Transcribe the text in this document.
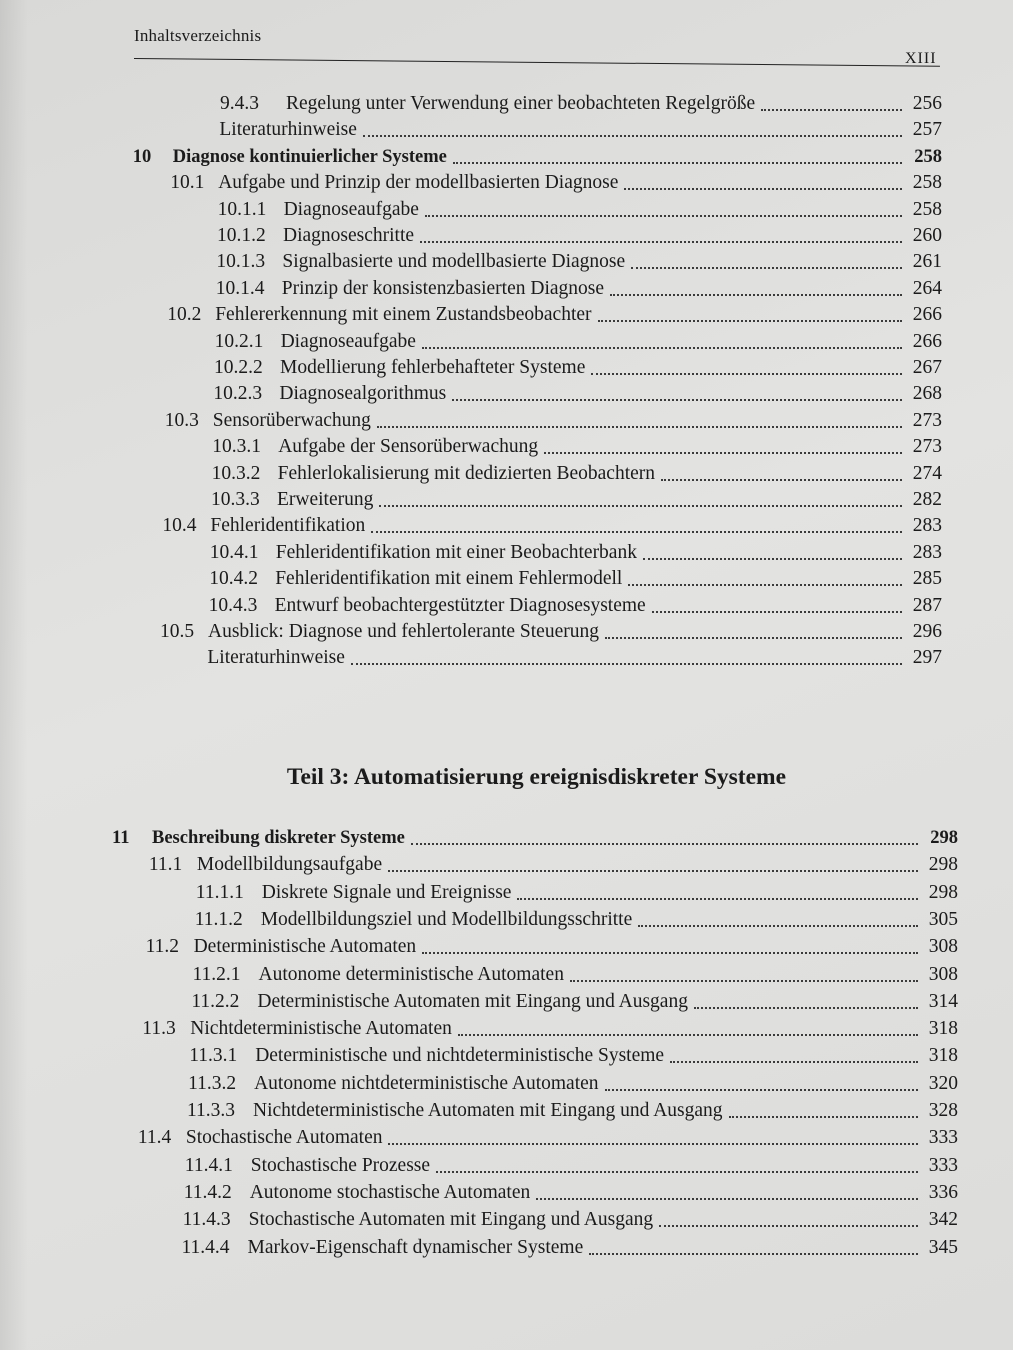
Inhaltsverzeichnis
XIII
9.4.3	Regelung unter Verwendung einer beobachteten Regelgröße	256
Literaturhinweise	257
10	Diagnose kontinuierlicher Systeme	258
10.1 Aufgabe und Prinzip der modellbasierten Diagnose	258
10.1.1 Diagnoseaufgabe	258
10.1.2 Diagnoseschritte	260
10.1.3 Signalbasierte und modellbasierte Diagnose	261
10.1.4 Prinzip der konsistenzbasierten Diagnose	264
10.2 Fehlererkennung mit einem Zustandsbeobachter	266
10.2.1 Diagnoseaufgabe	266
10.2.2 Modellierung fehlerbehafteter Systeme	267
10.2.3 Diagnosealgorithmus	268
10.3 Sensorüberwachung	273
10.3.1 Aufgabe der Sensorüberwachung	273
10.3.2 Fehlerlokalisierung mit dedizierten Beobachtern	274
10.3.3 Erweiterung	282
10.4 Fehleridentifikation	283
10.4.1 Fehleridentifikation mit einer Beobachterbank	283
10.4.2 Fehleridentifikation mit einem Fehlermodell	285
10.4.3 Entwurf beobachtergestützter Diagnosesysteme	287
10.5 Ausblick: Diagnose und fehlertolerante Steuerung	296
Literaturhinweise	297
Teil 3: Automatisierung ereignisdiskreter Systeme
11	Beschreibung diskreter Systeme	298
11.1 Modellbildungsaufgabe	298
11.1.1 Diskrete Signale und Ereignisse	298
11.1.2 Modellbildungsziel und Modellbildungsschritte	305
11.2 Deterministische Automaten	308
11.2.1 Autonome deterministische Automaten	308
11.2.2 Deterministische Automaten mit Eingang und Ausgang	314
11.3 Nichtdeterministische Automaten	318
11.3.1 Deterministische und nichtdeterministische Systeme	318
11.3.2 Autonome nichtdeterministische Automaten	320
11.3.3 Nichtdeterministische Automaten mit Eingang und Ausgang	328
11.4 Stochastische Automaten	333
11.4.1 Stochastische Prozesse	333
11.4.2 Autonome stochastische Automaten	336
11.4.3 Stochastische Automaten mit Eingang und Ausgang	342
11.4.4 Markov-Eigenschaft dynamischer Systeme	345
